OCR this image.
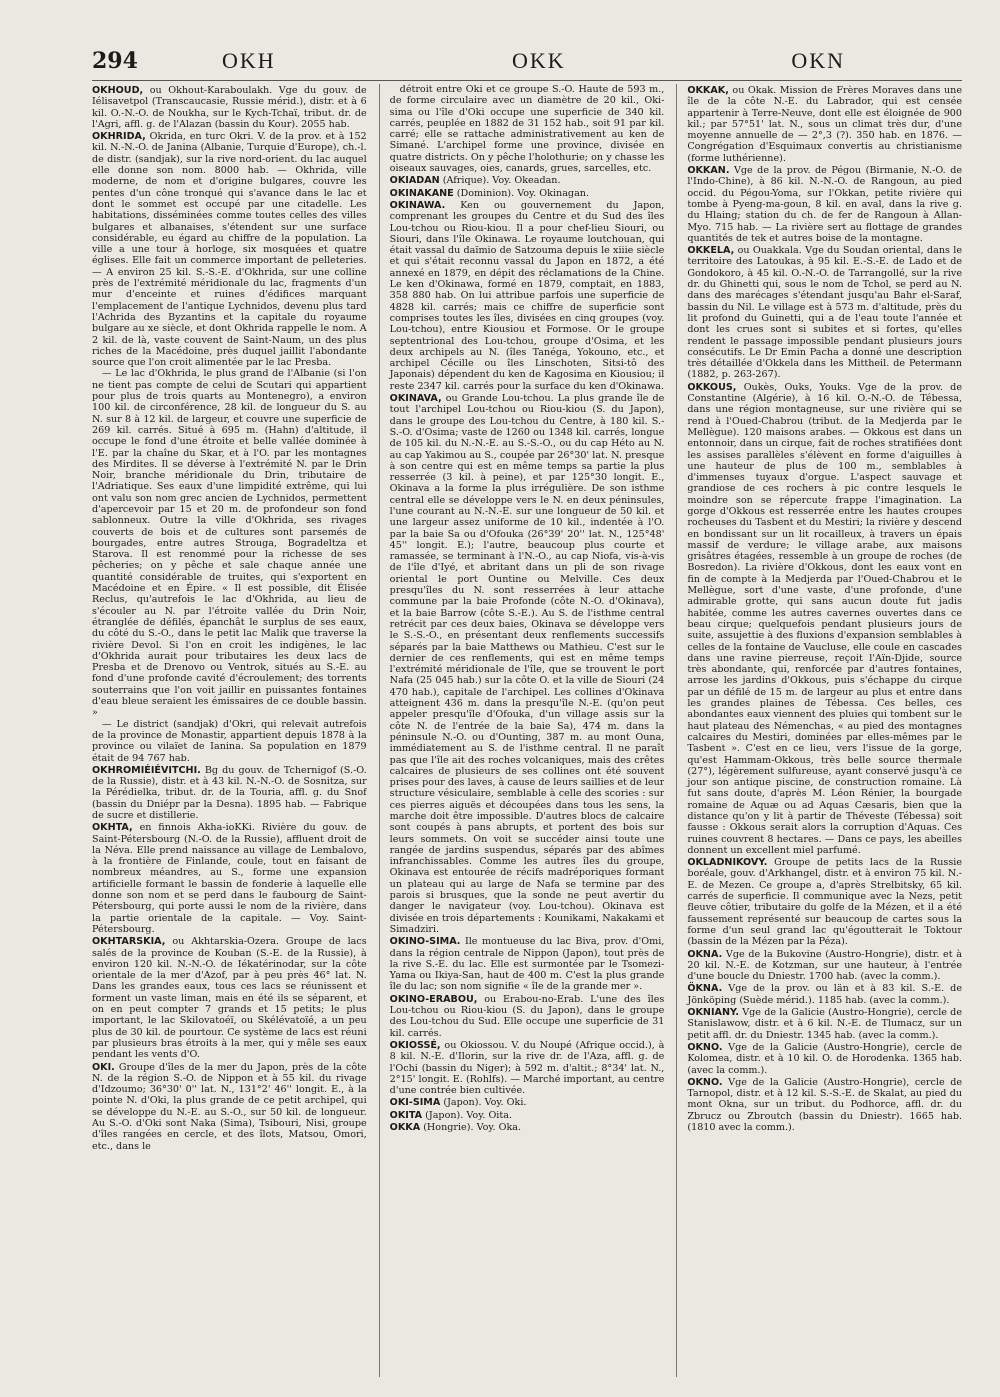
294	OKH	OKK	OKN

OKHOUD, ou Okhout-Karaboulakh. Vge du gouv. de Iélisavetpol (Transcaucasie, Russie mérid.), distr. et à 6 kil. O.-N.-O. de Noukha, sur le Kych-Tchaï, tribut. dr. de l'Agri, affl. g. de l'Alazan (bassin du Kour). 2055 hab.

OKHRIDA, Okrida, en turc Okri. V. de la prov. et à 152 kil. N.-N.-O. de Janina (Albanie, Turquie d'Europe), ch.-l. de distr. (sandjak), sur la rive nord-orient. du lac auquel elle donne son nom. 8000 hab. — Okhrida, ville moderne, de nom et d'origine bulgares, couvre les pentes d'un cône tronqué qui s'avance dans le lac et dont le sommet est occupé par une citadelle. Les habitations, disséminées comme toutes celles des villes bulgares et albanaises, s'étendent sur une surface considérable, eu égard au chiffre de la population. La ville a une tour à horloge, six mosquées et quatre églises. Elle fait un commerce important de pelleteries. — A environ 25 kil. S.-S.-E. d'Okhrida, sur une colline près de l'extrémité méridionale du lac, fragments d'un mur d'enceinte et ruines d'édifices marquant l'emplacement de l'antique Lychnidos, devenu plus tard l'Achrida des Byzantins et la capitale du royaume bulgare au xe siècle, et dont Okhrida rappelle le nom. A 2 kil. de là, vaste couvent de Saint-Naum, un des plus riches de la Macédoine, près duquel jaillit l'abondante source que l'on croit alimentée par le lac Presba.

— Le lac d'Okhrida, le plus grand de l'Albanie (si l'on ne tient pas compte de celui de Scutari qui appartient pour plus de trois quarts au Montenegro), a environ 100 kil. de circonférence, 28 kil. de longueur du S. au N. sur 8 à 12 kil. de largeur, et couvre une superficie de 269 kil. carrés. Situé à 695 m. (Hahn) d'altitude, il occupe le fond d'une étroite et belle vallée dominée à l'E. par la chaîne du Skar, et à l'O. par les montagnes des Mirdites. Il se déverse à l'extrémité N. par le Drin Noir, branche méridionale du Drin, tributaire de l'Adriatique. Ses eaux d'une limpidité extrême, qui lui ont valu son nom grec ancien de Lychnidos, permettent d'apercevoir par 15 et 20 m. de profondeur son fond sablonneux. Outre la ville d'Okhrida, ses rivages couverts de bois et de cultures sont parsemés de bourgades, entre autres Strouga, Bogradeltza et Starova. Il est renommé pour la richesse de ses pêcheries; on y pêche et sale chaque année une quantité considérable de truites, qui s'exportent en Macédoine et en Épire. « Il est possible, dit Élisée Reclus, qu'autrefois le lac d'Okhrida, au lieu de s'écouler au N. par l'étroite vallée du Drin Noir, étranglée de défilés, épanchât le surplus de ses eaux, du côté du S.-O., dans le petit lac Malik que traverse la rivière Devol. Si l'on en croit les indigènes, le lac d'Okhrida aurait pour tributaires les deux lacs de Presba et de Drenovo ou Ventrok, situés au S.-E. au fond d'une profonde cavité d'écroulement; des torrents souterrains que l'on voit jaillir en puissantes fontaines d'eau bleue seraient les émissaires de ce double bassin. »

— Le district (sandjak) d'Okri, qui relevait autrefois de la province de Monastir, appartient depuis 1878 à la province ou vilaïet de Ianina. Sa population en 1879 était de 94 767 hab.

OKHROMIÉIÉVITCHI. Bg du gouv. de Tchernigof (S.-O. de la Russie), distr. et à 43 kil. N.-N.-O. de Sosnitza, sur la Pérédielka, tribut. dr. de la Touria, affl. g. du Snof (bassin du Dniépr par la Desna). 1895 hab. — Fabrique de sucre et distillerie.

OKHTA, en finnois Akha-ioKKi. Rivière du gouv. de Saint-Pétersbourg (N.-O. de la Russie), affluent droit de la Néva. Elle prend naissance au village de Lembalovo, à la frontière de Finlande, coule, tout en faisant de nombreux méandres, au S., forme une expansion artificielle formant le bassin de fonderie à laquelle elle donne son nom et se perd dans le faubourg de Saint-Pétersbourg, qui porte aussi le nom de la rivière, dans la partie orientale de la capitale. — Voy. Saint-Pétersbourg.

OKHTARSKIA, ou Akhtarskia-Ozera. Groupe de lacs salés de la province de Kouban (S.-E. de la Russie), à environ 120 kil. N.-N.-O. de Iékatérinodar, sur la côte orientale de la mer d'Azof, par à peu près 46° lat. N. Dans les grandes eaux, tous ces lacs se réunissent et forment un vaste liman, mais en été ils se séparent, et on en peut compter 7 grands et 15 petits; le plus important, le lac Skilovatoéï, ou Skélévatoïé, a un peu plus de 30 kil. de pourtour. Ce système de lacs est réuni par plusieurs bras étroits à la mer, qui y mêle ses eaux pendant les vents d'O.

OKI. Groupe d'îles de la mer du Japon, près de la côte N. de la région S.-O. de Nippon et à 55 kil. du rivage d'Idzoumo; 36°30' 0'' lat. N., 131°2' 46'' longit. E., à la pointe N. d'Oki, la plus grande de ce petit archipel, qui se développe du N.-E. au S.-O., sur 50 kil. de longueur. Au S.-O. d'Oki sont Naka (Sima), Tsibouri, Nisi, groupe d'îles rangées en cercle, et des îlots, Matsou, Omori, etc., dans le

détroit entre Oki et ce groupe S.-O. Haute de 593 m., de forme circulaire avec un diamètre de 20 kil., Oki-sima ou l'île d'Oki occupe une superficie de 340 kil. carrés, peuplée en 1882 de 31 152 hab., soit 91 par kil. carré; elle se rattache administrativement au ken de Simané. L'archipel forme une province, divisée en quatre districts. On y pêche l'holothurie; on y chasse les oiseaux sauvages, oies, canards, grues, sarcelles, etc.

OKIADAN (Afrique). Voy. Okeadan.

OKINAKANE (Dominion). Voy. Okinagan.

OKINAWA. Ken ou gouvernement du Japon, comprenant les groupes du Centre et du Sud des îles Lou-tchou ou Riou-kiou. Il a pour chef-lieu Siouri, ou Siouri, dans l'île Okinawa. Le royaume loutchouan, qui était vassal du daïmio de Satzouma depuis le xiiie siècle et qui s'était reconnu vassal du Japon en 1872, a été annexé en 1879, en dépit des réclamations de la Chine. Le ken d'Okinawa, formé en 1879, comptait, en 1883, 358 880 hab. On lui attribue parfois une superficie de 4828 kil. carrés; mais ce chiffre de superficie sont comprises toutes les îles, divisées en cinq groupes (voy. Lou-tchou), entre Kiousiou et Formose. Or le groupe septentrional des Lou-tchou, groupe d'Osima, et les deux archipels au N. (îles Tanéga, Yokouno, etc., et archipel Cécille ou îles Linschoten, Sitsi-tô des Japonais) dépendent du ken de Kagosima en Kiousiou; il reste 2347 kil. carrés pour la surface du ken d'Okinawa.

OKINAVA, ou Grande Lou-tchou. La plus grande île de tout l'archipel Lou-tchou ou Riou-kiou (S. du Japon), dans le groupe des Lou-tchou du Centre, à 180 kil. S.-S.-O. d'Osima; vaste de 1260 ou 1348 kil. carrés, longue de 105 kil. du N.-N.-E. au S.-S.-O., ou du cap Héto au N. au cap Yakimou au S., coupée par 26°30' lat. N. presque à son centre qui est en même temps sa partie la plus resserrée (3 kil. à peine), et par 125°30 longit. E., Okinava a la forme la plus irrégulière. De son isthme central elle se développe vers le N. en deux péninsules, l'une courant au N.-N.-E. sur une longueur de 50 kil. et une largeur assez uniforme de 10 kil., indentée à l'O. par la baie Sa ou d'Ofouka (26°39' 20'' lat. N., 125°48' 45'' longit. E.); l'autre, beaucoup plus courte et ramassée, se terminant à l'N.-O., au cap Niofa, vis-à-vis de l'île d'Iyé, et abritant dans un pli de son rivage oriental le port Ountine ou Melville. Ces deux presqu'îles du N. sont resserrées à leur attache commune par la baie Profonde (côte N.-O. d'Okinava), et la baie Barrow (côte S.-E.). Au S. de l'isthme central retrécit par ces deux baies, Okinava se développe vers le S.-S.-O., en présentant deux renflements successifs séparés par la baie Matthews ou Mathieu. C'est sur le dernier de ces renflements, qui est en même temps l'extrémité méridionale de l'île, que se trouvent le port Nafa (25 045 hab.) sur la côte O. et la ville de Siouri (24 470 hab.), capitale de l'archipel. Les collines d'Okinava atteignent 436 m. dans la presqu'île N.-E. (qu'on peut appeler presqu'île d'Ofouka, d'un village assis sur la côte N. de l'entrée de la baie Sa), 474 m. dans la péninsule N.-O. ou d'Ounting, 387 m. au mont Ouna, immédiatement au S. de l'isthme central. Il ne paraît pas que l'île ait des roches volcaniques, mais des crêtes calcaires de plusieurs de ses collines ont été souvent prises pour des laves, à cause de leurs saillies et de leur structure vésiculaire, semblable à celle des scories : sur ces pierres aiguës et découpées dans tous les sens, la marche doit être impossible. D'autres blocs de calcaire sont coupés à pans abrupts, et portent des bois sur leurs sommets. On voit se succéder ainsi toute une rangée de jardins suspendus, séparés par des abîmes infranchissables. Comme les autres îles du groupe, Okinava est entourée de récifs madréporiques formant un plateau qui au large de Nafa se termine par des parois si brusques, que la sonde ne peut avertir du danger le navigateur (voy. Lou-tchou). Okinava est divisée en trois départements : Kounikami, Nakakami et Simadziri.

OKINO-SIMA. Ile montueuse du lac Biva, prov. d'Omi, dans la région centrale de Nippon (Japon), tout près de la rive S.-E. du lac. Elle est surmontée par le Tsomezi-Yama ou Ikiya-San, haut de 400 m. C'est la plus grande île du lac; son nom signifie « île de la grande mer ».

OKINO-ERABOU, ou Erabou-no-Erab. L'une des îles Lou-tchou ou Riou-kiou (S. du Japon), dans le groupe des Lou-tchou du Sud. Elle occupe une superficie de 31 kil. carrés.

OKIOSSÉ, ou Okiossou. V. du Noupé (Afrique occid.), à 8 kil. N.-E. d'Ilorin, sur la rive dr. de l'Aza, affl. g. de l'Ochi (bassin du Niger); à 592 m. d'altit.; 8°34' lat. N., 2°15' longit. E. (Rohlfs). — Marché important, au centre d'une contrée bien cultivée.

OKI-SIMA (Japon). Voy. Oki.

OKITA (Japon). Voy. Oita.

OKKA (Hongrie). Voy. Oka.

OKKAK, ou Okak. Mission de Frères Moraves dans une île de la côte N.-E. du Labrador, qui est censée appartenir à Terre-Neuve, dont elle est éloignée de 900 kil.; par 57°51' lat. N., sous un climat très dur, d'une moyenne annuelle de — 2°,3 (?). 350 hab. en 1876. — Congrégation d'Esquimaux convertis au christianisme (forme luthérienne).

OKKAN. Vge de la prov. de Pégou (Birmanie, N.-O. de l'Indo-Chine), à 86 kil. N.-N.-O. de Rangoun, au pied occid. du Pégou-Yoma, sur l'Okkan, petite rivière qui tombe à Pyeng-ma-goun, 8 kil. en aval, dans la rive g. du Hlaing; station du ch. de fer de Rangoun à Allan-Myo. 715 hab. — La rivière sert au flottage de grandes quantités de tek et autres boise de la montagne.

OKKELA, ou Ouakkala. Vge du Soudan oriental, dans le territoire des Latoukas, à 95 kil. E.-S.-E. de Lado et de Gondokoro, à 45 kil. O.-N.-O. de Tarrangollé, sur la rive dr. du Ghinetti qui, sous le nom de Tchol, se perd au N. dans des marécages s'étendant jusqu'au Bahr el-Saraf, bassin du Nil. Le village est à 573 m. d'altitude, près du lit profond du Guinetti, qui a de l'eau toute l'année et dont les crues sont si subites et si fortes, qu'elles rendent le passage impossible pendant plusieurs jours consécutifs. Le Dr Emin Pacha a donné une description très détaillée d'Okkela dans les Mittheil. de Petermann (1882, p. 263-267).

OKKOUS, Oukès, Ouks, Youks. Vge de la prov. de Constantine (Algérie), à 16 kil. O.-N.-O. de Tébessa, dans une région montagneuse, sur une rivière qui se rend à l'Oued-Chabrou (tribut. de la Medjerda par le Mellègue). 120 maisons arabes. — Okkous est dans un entonnoir, dans un cirque, fait de roches stratifiées dont les assises parallèles s'élèvent en forme d'aiguilles à une hauteur de plus de 100 m., semblables à d'immenses tuyaux d'orgue. L'aspect sauvage et grandiose de ces rochers à pic contre lesquels le moindre son se répercute frappe l'imagination. La gorge d'Okkous est resserrée entre les hautes croupes rocheuses du Tasbent et du Mestiri; la rivière y descend en bondissant sur un lit rocailleux, à travers un épais massif de verdure; le village arabe, aux maisons grisâtres étagées, ressemble à un groupe de roches (de Bosredon). La rivière d'Okkous, dont les eaux vont en fin de compte à la Medjerda par l'Oued-Chabrou et le Mellègue, sort d'une vaste, d'une profonde, d'une admirable grotte, qui sans aucun doute fut jadis habitée, comme les autres cavernes ouvertes dans ce beau cirque; quelquefois pendant plusieurs jours de suite, assujettie à des fluxions d'expansion semblables à celles de la fontaine de Vaucluse, elle coule en cascades dans une ravine pierreuse, reçoit l'Aïn-Djide, source très abondante, qui, renforcée par d'autres fontaines, arrose les jardins d'Okkous, puis s'échappe du cirque par un défilé de 15 m. de largeur au plus et entre dans les grandes plaines de Tébessa. Ces belles, ces abondantes eaux viennent des pluies qui tombent sur le haut plateau des Némenchas, « au pied des montagnes calcaires du Mestiri, dominées par elles-mêmes par le Tasbent ». C'est en ce lieu, vers l'issue de la gorge, qu'est Hammam-Okkous, très belle source thermale (27°), légèrement sulfureuse, ayant conservé jusqu'à ce jour son antique piscine, de construction romaine. Là fut sans doute, d'après M. Léon Rénier, la bourgade romaine de Aquæ ou ad Aquas Cæsaris, bien que la distance qu'on y lit à partir de Théveste (Tébessa) soit fausse : Okkous serait alors la corruption d'Aquas. Ces ruines couvrent 8 hectares. — Dans ce pays, les abeilles donnent un excellent miel parfumé.

OKLADNIKOVY. Groupe de petits lacs de la Russie boréale, gouv. d'Arkhangel, distr. et à environ 75 kil. N.-E. de Mezen. Ce groupe a, d'après Strelbitsky, 65 kil. carrés de superficie. Il communique avec la Nezs, petit fleuve côtier, tributaire du golfe de la Mézen, et il a été faussement représenté sur beaucoup de cartes sous la forme d'un seul grand lac qu'égoutterait le Toktour (bassin de la Mézen par la Péza).

OKNA. Vge de la Bukovine (Austro-Hongrie), distr. et à 20 kil. N.-E. de Kotzman, sur une hauteur, à l'entrée d'une boucle du Dniestr. 1700 hab. (avec la comm.).

ÖKNA. Vge de la prov. ou län et à 83 kil. S.-E. de Jönköping (Suède mérid.). 1185 hab. (avec la comm.).

OKNIANY. Vge de la Galicie (Austro-Hongrie), cercle de Stanislawow, distr. et à 6 kil. N.-E. de Tlumacz, sur un petit affl. dr. du Dniestr. 1345 hab. (avec la comm.).

OKNO. Vge de la Galicie (Austro-Hongrie), cercle de Kolomea, distr. et à 10 kil. O. de Horodenka. 1365 hab. (avec la comm.).

OKNO. Vge de la Galicie (Austro-Hongrie), cercle de Tarnopol, distr. et à 12 kil. S.-S.-E. de Skalat, au pied du mont Okna, sur un tribut. du Podhorce, affl. dr. du Zbrucz ou Zbroutch (bassin du Dniestr). 1665 hab. (1810 avec la comm.).
